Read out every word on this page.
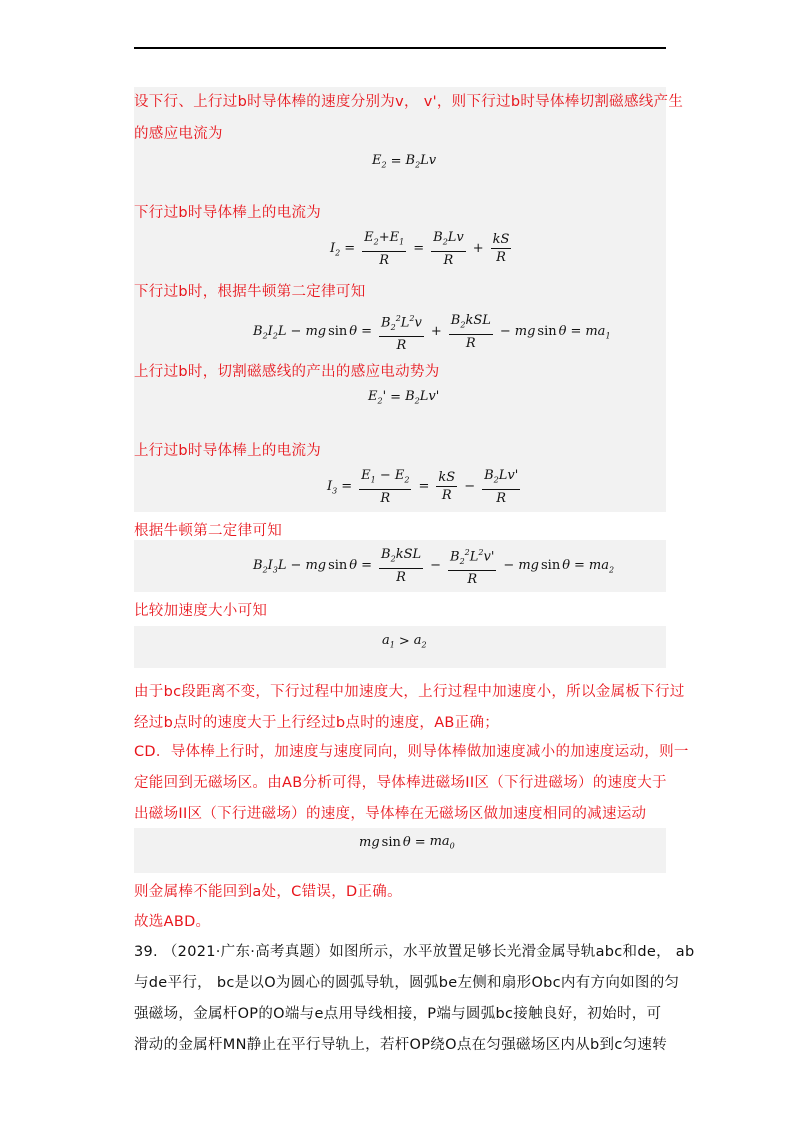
设下行、上行过b时导体棒的速度分别为v， v'，则下行过b时导体棒切割磁感线产生
的感应电流为
$E_2 = B_2Lv$
下行过b时导体棒上的电流为
$I_2 = \frac{E_2+E_1}{R} = \frac{B_2Lv}{R} + \frac{kS}{R}$
下行过b时，根据牛顿第二定律可知
$B_2I_2L$ − mg $\sin \theta = \frac{B_2^2L^2v}{R} + \frac{B_2kSL}{R}$ − mg $\sin \theta = ma_1$
上行过b时，切割磁感线的产出的感应电动势为
$E_2' = B_2Lv'$
上行过b时导体棒上的电流为
$I_3 = \frac{E_1 - E_2}{R} = \frac{kS}{R} - \frac{B_2Lv'}{R}$
根据牛顿第二定律可知
$B_2I_3L$ − mg $\sin \theta = \frac{B_2kSL}{R} - \frac{B_2^2L^2v'}{R}$ − mg $\sin \theta = ma_2$
比较加速度大小可知
$a_1 > a_2$
由于bc段距离不变，下行过程中加速度大，上行过程中加速度小，所以金属板下行过
经过b点时的速度大于上行经过b点时的速度，AB正确；
CD．导体棒上行时，加速度与速度同向，则导体棒做加速度减小的加速度运动，则一
定能回到无磁场区。由AB分析可得，导体棒进磁场II区（下行进磁场）的速度大于
出磁场II区（下行进磁场）的速度，导体棒在无磁场区做加速度相同的减速运动
mg $\sin \theta = ma_0$
则金属棒不能回到a处，C错误，D正确。
故选ABD。
39. （2021·广东·高考真题）如图所示，水平放置足够长光滑金属导轨abc和de， ab
与de平行， bc是以O为圆心的圆弧导轨，圆弧be左侧和扇形Obc内有方向如图的匀
强磁场，金属杆OP的O端与e点用导线相接，P端与圆弧bc接触良好，初始时，可
滑动的金属杆MN静止在平行导轨上，若杆OP绕O点在匀强磁场区内从b到c匀速转
